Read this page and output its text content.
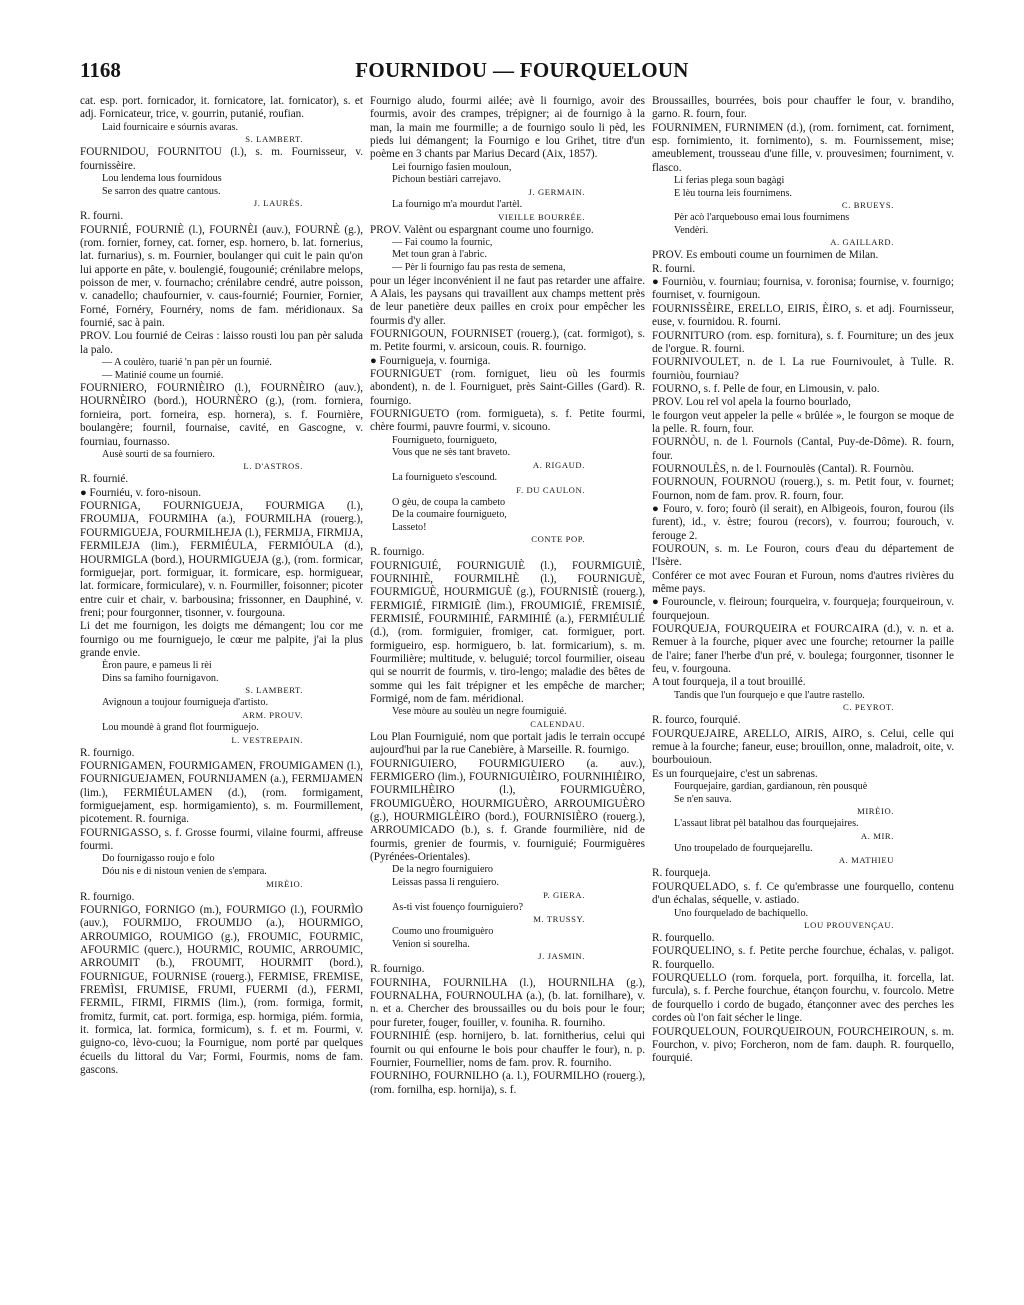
1168	FOURNIDOU — FOURQUELOUN

cat. esp. port. fornicador, it. fornicatore, lat. fornicator), s. et adj. Fornicateur, trice, v. gourrin, putanié, roufian.

Laid fournicaire e sóurnis avaras.

S. LAMBERT.

FOURNIDOU, FOURNITOU (l.), s. m. Fournisseur, v. fournissèire.

Lou lendema lous fournidous

Se sarron des quatre cantous.

J. LAURÈS.

R. fourni.

FOURNIÉ, FOURNIÈ (l.), FOURNÈI (auv.), FOURNÈ (g.), (rom. fornier, forney, cat. forner, esp. hornero, b. lat. fornerius, lat. furnarius), s. m. Fournier, boulanger qui cuit le pain qu'on lui apporte en pâte, v. boulengié, fougounié; crénilabre melops, poisson de mer, v. fournacho; crénilabre cendré, autre poisson, v. canadello; chaufournier, v. caus-fournié; Fournier, Fornier, Forné, Fornéry, Fournéry, noms de fam. méridionaux. Sa fournié, sac à pain.

PROV. Lou fournié de Ceiras : laisso rousti lou pan pèr saluda la palo.

— A coulèro, tuarié 'n pan pèr un fournié.

— Matinié coume un fournié.

FOURNIERO, FOURNIÈIRO (l.), FOURNÈIRO (auv.), HOURNÈIRO (bord.), HOURNÈRO (g.), (rom. forniera, fornieira, port. forneira, esp. hornera), s. f. Fournière, boulangère; fournil, fournaise, cavité, en Gascogne, v. fourniau, fournasso.

Ausè sourti de sa fourniero.

L. D'ASTROS.

R. fournié.

● Fourniéu, v. foro-nisoun.

FOURNIGA, FOURNIGUEJA, FOURMIGA (l.), FROUMIJA, FOURMIHA (a.), FOURMILHA (rouerg.), FOURMIGUEJA, FOURMILHEJA (l.), FERMIJA, FIRMIJA, FERMILEJA (lim.), FERMIÉULA, FERMIÓULA (d.), HOURMIGLA (bord.), HOURMIGUEJA (g.), (rom. formicar, formiguejar, port. formiguar, it. formicare, esp. hormiguear, lat. formicare, formiculare), v. n. Fourmiller, foisonner; picoter entre cuir et chair, v. barbousina; frissonner, en Dauphiné, v. freni; pour fourgonner, tisonner, v. fourgouna.

Li det me fournigon, les doigts me démangent; lou cor me fournigo ou me fourniguejo, le cœur me palpite, j'ai la plus grande envie.

Èron paure, e pameus li rèi

Dins sa famiho fournigavon.

S. LAMBERT.

Avignoun a toujour fournigueja d'artisto.

ARM. PROUV.

Lou moundè à grand flot fourmiguejo.

L. VESTREPAIN.

R. fournigo.

FOURNIGAMEN, FOURMIGAMEN, FROUMIGAMEN (l.), FOURNIGUEJAMEN, FOURNIJAMEN (a.), FERMIJAMEN (lim.), FERMIÉULAMEN (d.), (rom. formigament, formiguejament, esp. hormigamiento), s. m. Fourmillement, picotement. R. fourniga.

FOURNIGASSO, s. f. Grosse fourmi, vilaine fourmi, affreuse fourmi.

Do fournigasso roujo e folo

Dóu nis e di nistoun venien de s'empara.

MIRÈIO.

R. fournigo.

FOURNIGO, FORNIGO (m.), FOURMIGO (l.), FOURMÌO (auv.), FOURMIJO, FROUMIJO (a.), HOURMIGO, ARROUMIGO, ROUMIGO (g.), FROUMIC, FOURMIC, AFOURMIC (querc.), HOURMIC, ROUMIC, ARROUMIC, ARROUMIT (b.), FROUMIT, HOURMIT (bord.), FOURNIGUE, FOURNISE (rouerg.), FERMISE, FREMISE, FREMÌSI, FRUMISE, FRUMI, FUERMI (d.), FERMI, FERMIL, FIRMI, FIRMIS (lim.), (rom. formiga, formit, fromitz, furmit, cat. port. formiga, esp. hormiga, piém. formia, it. formica, lat. formica, formicum), s. f. et m. Fourmi, v. guigno-co, lèvo-cuou; la Fournigue, nom porté par quelques écueils du littoral du Var; Formi, Fourmis, noms de fam. gascons.

Fournigo aludo, fourmi ailée; avè li fournigo, avoir des fourmis, avoir des crampes, trépigner; ai de fournigo à la man, la main me fourmille; a de fournigo soulo li pèd, les pieds lui démangent; la Fournigo e lou Grihet, titre d'un poème en 3 chants par Marius Decard (Aix, 1857).

Lei fournigo fasien mouloun,

Pichoun bestiàri carrejavo.

J. GERMAIN.

La fournigo m'a mourdut l'artèl.

VIEILLE BOURRÉE.

PROV. Valènt ou espargnant coume uno fournigo.

— Fai coumo la fournic,

Met toun gran à l'abric.

— Pèr li fournigo fau pas resta de semena,

pour un léger inconvénient il ne faut pas retarder une affaire. A Alais, les paysans qui travaillent aux champs mettent près de leur panetière deux pailles en croix pour empêcher les fourmis d'y aller.

FOURNIGOUN, FOURNISET (rouerg.), (cat. formigot), s. m. Petite fourmi, v. arsicoun, couis. R. fournigo.

● Fournigueja, v. fourniga.

FOURNIGUET (rom. forniguet, lieu où les fourmis abondent), n. de l. Fourniguet, près Saint-Gilles (Gard). R. fournigo.

FOURNIGUETO (rom. formigueta), s. f. Petite fourmi, chère fourmi, pauvre fourmi, v. sicouno.

Fournigueto, fournigueto,

Vous que ne sès tant braveto.

A. RIGAUD.

La fournigueto s'escound.

F. DU CAULON.

O gèu, de coupa la cambeto

De la coumaire fournigueto,

Lasseto!

CONTE POP.

R. fournigo.

FOURNIGUIÉ, FOURNIGUIÈ (l.), FOURMIGUIÈ, FOURNIHIÈ, FOURMILHÈ (l.), FOURNIGUÈ, FOURMIGUÈ, HOURMIGUÈ (g.), FOURNISIÈ (rouerg.), FERMIGIÉ, FIRMIGIÈ (lim.), FROUMIGIÉ, FREMISIÉ, FERMISIÉ, FOURMIHIÉ, FARMIHIÉ (a.), FERMIÉULIÉ (d.), (rom. formiguier, fromiger, cat. formiguer, port. formigueiro, esp. hormiguero, b. lat. formicarium), s. m. Fourmilière; multitude, v. beluguié; torcol fourmilier, oiseau qui se nourrit de fourmis, v. tiro-lengo; maladie des bêtes de somme qui les fait trépigner et les empêche de marcher; Formigé, nom de fam. méridional.

Vese mòure au soulèu un negre fourniguié.

CALENDAU.

Lou Plan Fourniguié, nom que portait jadis le terrain occupé aujourd'hui par la rue Canebière, à Marseille. R. fournigo.

FOURNIGUIERO, FOURMIGUIERO (a. auv.), FERMIGERO (lim.), FOURNIGUIÈIRO, FOURNIHIÈIRO, FOURMILHÈIRO (l.), FOURMIGUÈRO, FROUMIGUÈRO, HOURMIGUÈRO, ARROUMIGUÈRO (g.), HOURMIGLÈIRO (bord.), FOURNISIÈRO (rouerg.), ARROUMICADO (b.), s. f. Grande fourmilière, nid de fourmis, grenier de fourmis, v. fourniguié; Fourmiguères (Pyrénées-Orientales).

De la negro fourniguiero

Leissas passa li renguiero.

P. GIERA.

As-ti vist fouenço fourniguiero?

M. TRUSSY.

Coumo uno froumiguèro

Venion si sourelha.

J. JASMIN.

R. fournigo.

FOURNIHA, FOURNILHA (l.), HOURNILHA (g.), FOURNALHA, FOURNOULHA (a.), (b. lat. fornilhare), v. n. et a. Chercher des broussailles ou du bois pour le four; pour fureter, fouger, fouiller, v. founiha. R. fourniho.

FOURNIHIÉ (esp. hornijero, b. lat. fornitherius, celui qui fournit ou qui enfourne le bois pour chauffer le four), n. p. Fournier, Fournellier, noms de fam. prov. R. fourniho.

FOURNIHO, FOURNILHO (a. l.), FOURMILHO (rouerg.), (rom. fornilha, esp. hornija), s. f.

Broussailles, bourrées, bois pour chauffer le four, v. brandiho, garno. R. fourn, four.

FOURNIMEN, FURNIMEN (d.), (rom. forniment, cat. forniment, esp. fornimiento, it. fornimento), s. m. Fournissement, mise; ameublement, trousseau d'une fille, v. prouvesimen; fourniment, v. flasco.

Li ferias plega soun bagàgi

E lèu tourna leis fournimens.

C. BRUEYS.

Pèr acò l'arquebouso emai lous fournimens

Vendèri.

A. GAILLARD.

PROV. Es embouti coume un fournimen de Milan.

R. fourni.

● Fourniòu, v. fourniau; fournisa, v. foronisa; fournise, v. fournigo; fourniset, v. fournigoun.

FOURNISSÈIRE, ERELLO, EIRIS, ÈIRO, s. et adj. Fournisseur, euse, v. fournidou. R. fourni.

FOURNITURO (rom. esp. fornitura), s. f. Fourniture; un des jeux de l'orgue. R. fourni.

FOURNIVOULET, n. de l. La rue Fournivoulet, à Tulle. R. fourniòu, fourniau?

FOURNO, s. f. Pelle de four, en Limousin, v. palo.

PROV. Lou rel vol apela la fourno bourlado,

le fourgon veut appeler la pelle « brûlée », le fourgon se moque de la pelle. R. fourn, four.

FOURNÒU, n. de l. Fournols (Cantal, Puy-de-Dôme). R. fourn, four.

FOURNOULÈS, n. de l. Fournoulès (Cantal). R. Fournòu.

FOURNOUN, FOURNOU (rouerg.), s. m. Petit four, v. fournet; Fournon, nom de fam. prov. R. fourn, four.

● Fouro, v. foro; fourò (il serait), en Albigeois, fouron, fourou (ils furent), id., v. èstre; fourou (recors), v. fourrou; fourouch, v. ferouge 2.

FOUROUN, s. m. Le Fouron, cours d'eau du département de l'Isère.

Conférer ce mot avec Fouran et Furoun, noms d'autres rivières du même pays.

● Fourouncle, v. fleiroun; fourqueira, v. fourqueja; fourqueiroun, v. fourquejoun.

FOURQUEJA, FOURQUEIRA et FOURCAIRA (d.), v. n. et a. Remuer à la fourche, piquer avec une fourche; retourner la paille de l'aire; faner l'herbe d'un pré, v. boulega; fourgonner, tisonner le feu, v. fourgouna.

A tout fourqueja, il a tout brouillé.

Tandis que l'un fourquejo e que l'autre rastello.

C. PEYROT.

R. fourco, fourquié.

FOURQUEJAIRE, ARELLO, AIRIS, AIRO, s. Celui, celle qui remue à la fourche; faneur, euse; brouillon, onne, maladroit, oite, v. bourbouioun.

Es un fourquejaire, c'est un sabrenas.

Fourquejaire, gardian, gardianoun, rèn pousquè

Se n'en sauva.

MIRÈIO.

L'assaut librat pèl batalhou das fourquejaires.

A. MIR.

Uno troupelado de fourquejarellu.

A. MATHIEU

R. fourqueja.

FOURQUELADO, s. f. Ce qu'embrasse une fourquello, contenu d'un échalas, séquelle, v. astiado.

Uno fourquelado de bachiquello.

LOU PROUVENÇAU.

R. fourquello.

FOURQUELINO, s. f. Petite perche fourchue, échalas, v. paligot. R. fourquello.

FOURQUELLO (rom. forquela, port. forquilha, it. forcella, lat. furcula), s. f. Perche fourchue, étançon fourchu, v. fourcolo. Metre de fourquello i cordo de bugado, étançonner avec des perches les cordes où l'on fait sécher le linge.

FOURQUELOUN, FOURQUEIROUN, FOURCHEIROUN, s. m. Fourchon, v. pivo; Forcheron, nom de fam. dauph. R. fourquello, fourquié.
